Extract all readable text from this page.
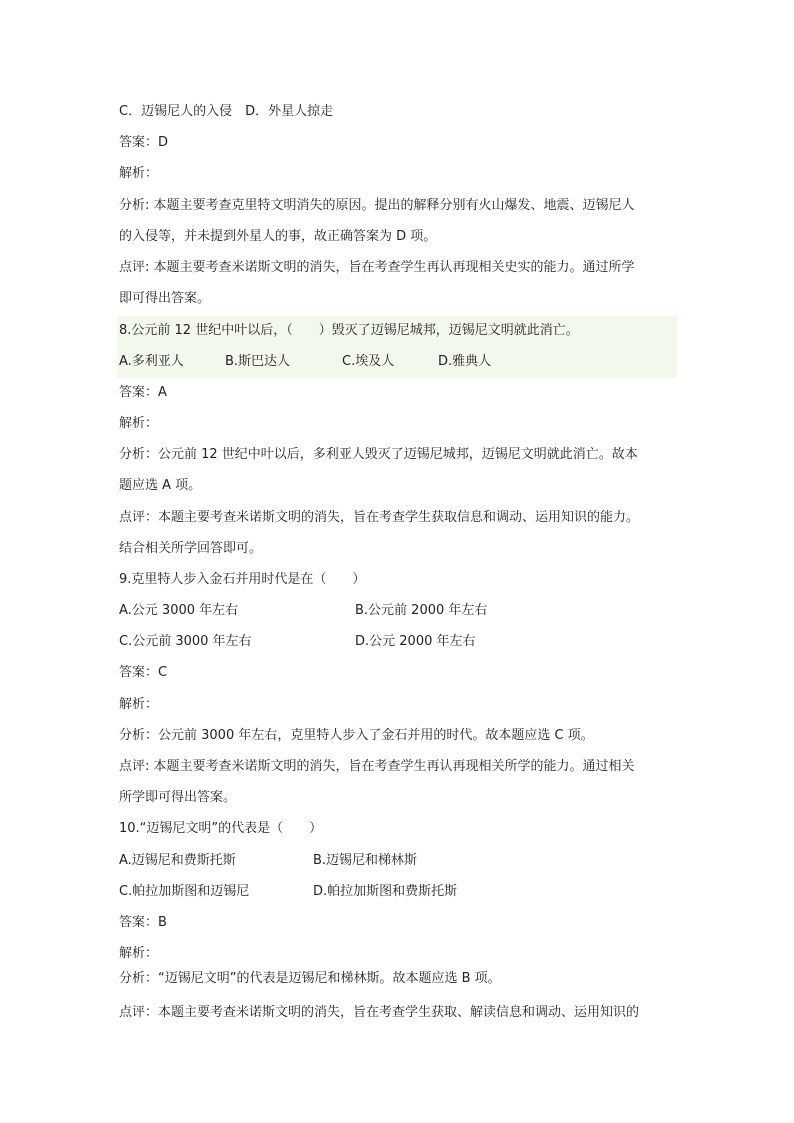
C．迈锡尼人的入侵　D．外星人掠走
答案：D
解析：
分析: 本题主要考查克里特文明消失的原因。提出的解释分别有火山爆发、地震、迈锡尼人
的入侵等，并未提到外星人的事，故正确答案为 D 项。
点评: 本题主要考查米诺斯文明的消失，旨在考查学生再认再现相关史实的能力。通过所学
即可得出答案。
8.公元前 12 世纪中叶以后，（　　）毁灭了迈锡尼城邦，迈锡尼文明就此消亡。
A.多利亚人	B.斯巴达人	C.埃及人	D.雅典人
答案：A
解析：
分析：公元前 12 世纪中叶以后，多利亚人毁灭了迈锡尼城邦，迈锡尼文明就此消亡。故本
题应选 A 项。
点评：本题主要考查米诺斯文明的消失，旨在考查学生获取信息和调动、运用知识的能力。
结合相关所学回答即可。
9.克里特人步入金石并用时代是在（　　）
A.公元 3000 年左右	B.公元前 2000 年左右
C.公元前 3000 年左右	D.公元 2000 年左右
答案：C
解析：
分析：公元前 3000 年左右，克里特人步入了金石并用的时代。故本题应选 C 项。
点评: 本题主要考查米诺斯文明的消失，旨在考查学生再认再现相关所学的能力。通过相关
所学即可得出答案。
10.“迈锡尼文明”的代表是（　　）
A.迈锡尼和费斯托斯	B.迈锡尼和梯林斯
C.帕拉加斯图和迈锡尼	D.帕拉加斯图和费斯托斯
答案：B
解析：
分析：“迈锡尼文明”的代表是迈锡尼和梯林斯。故本题应选 B 项。
点评：本题主要考查米诺斯文明的消失，旨在考查学生获取、解读信息和调动、运用知识的
